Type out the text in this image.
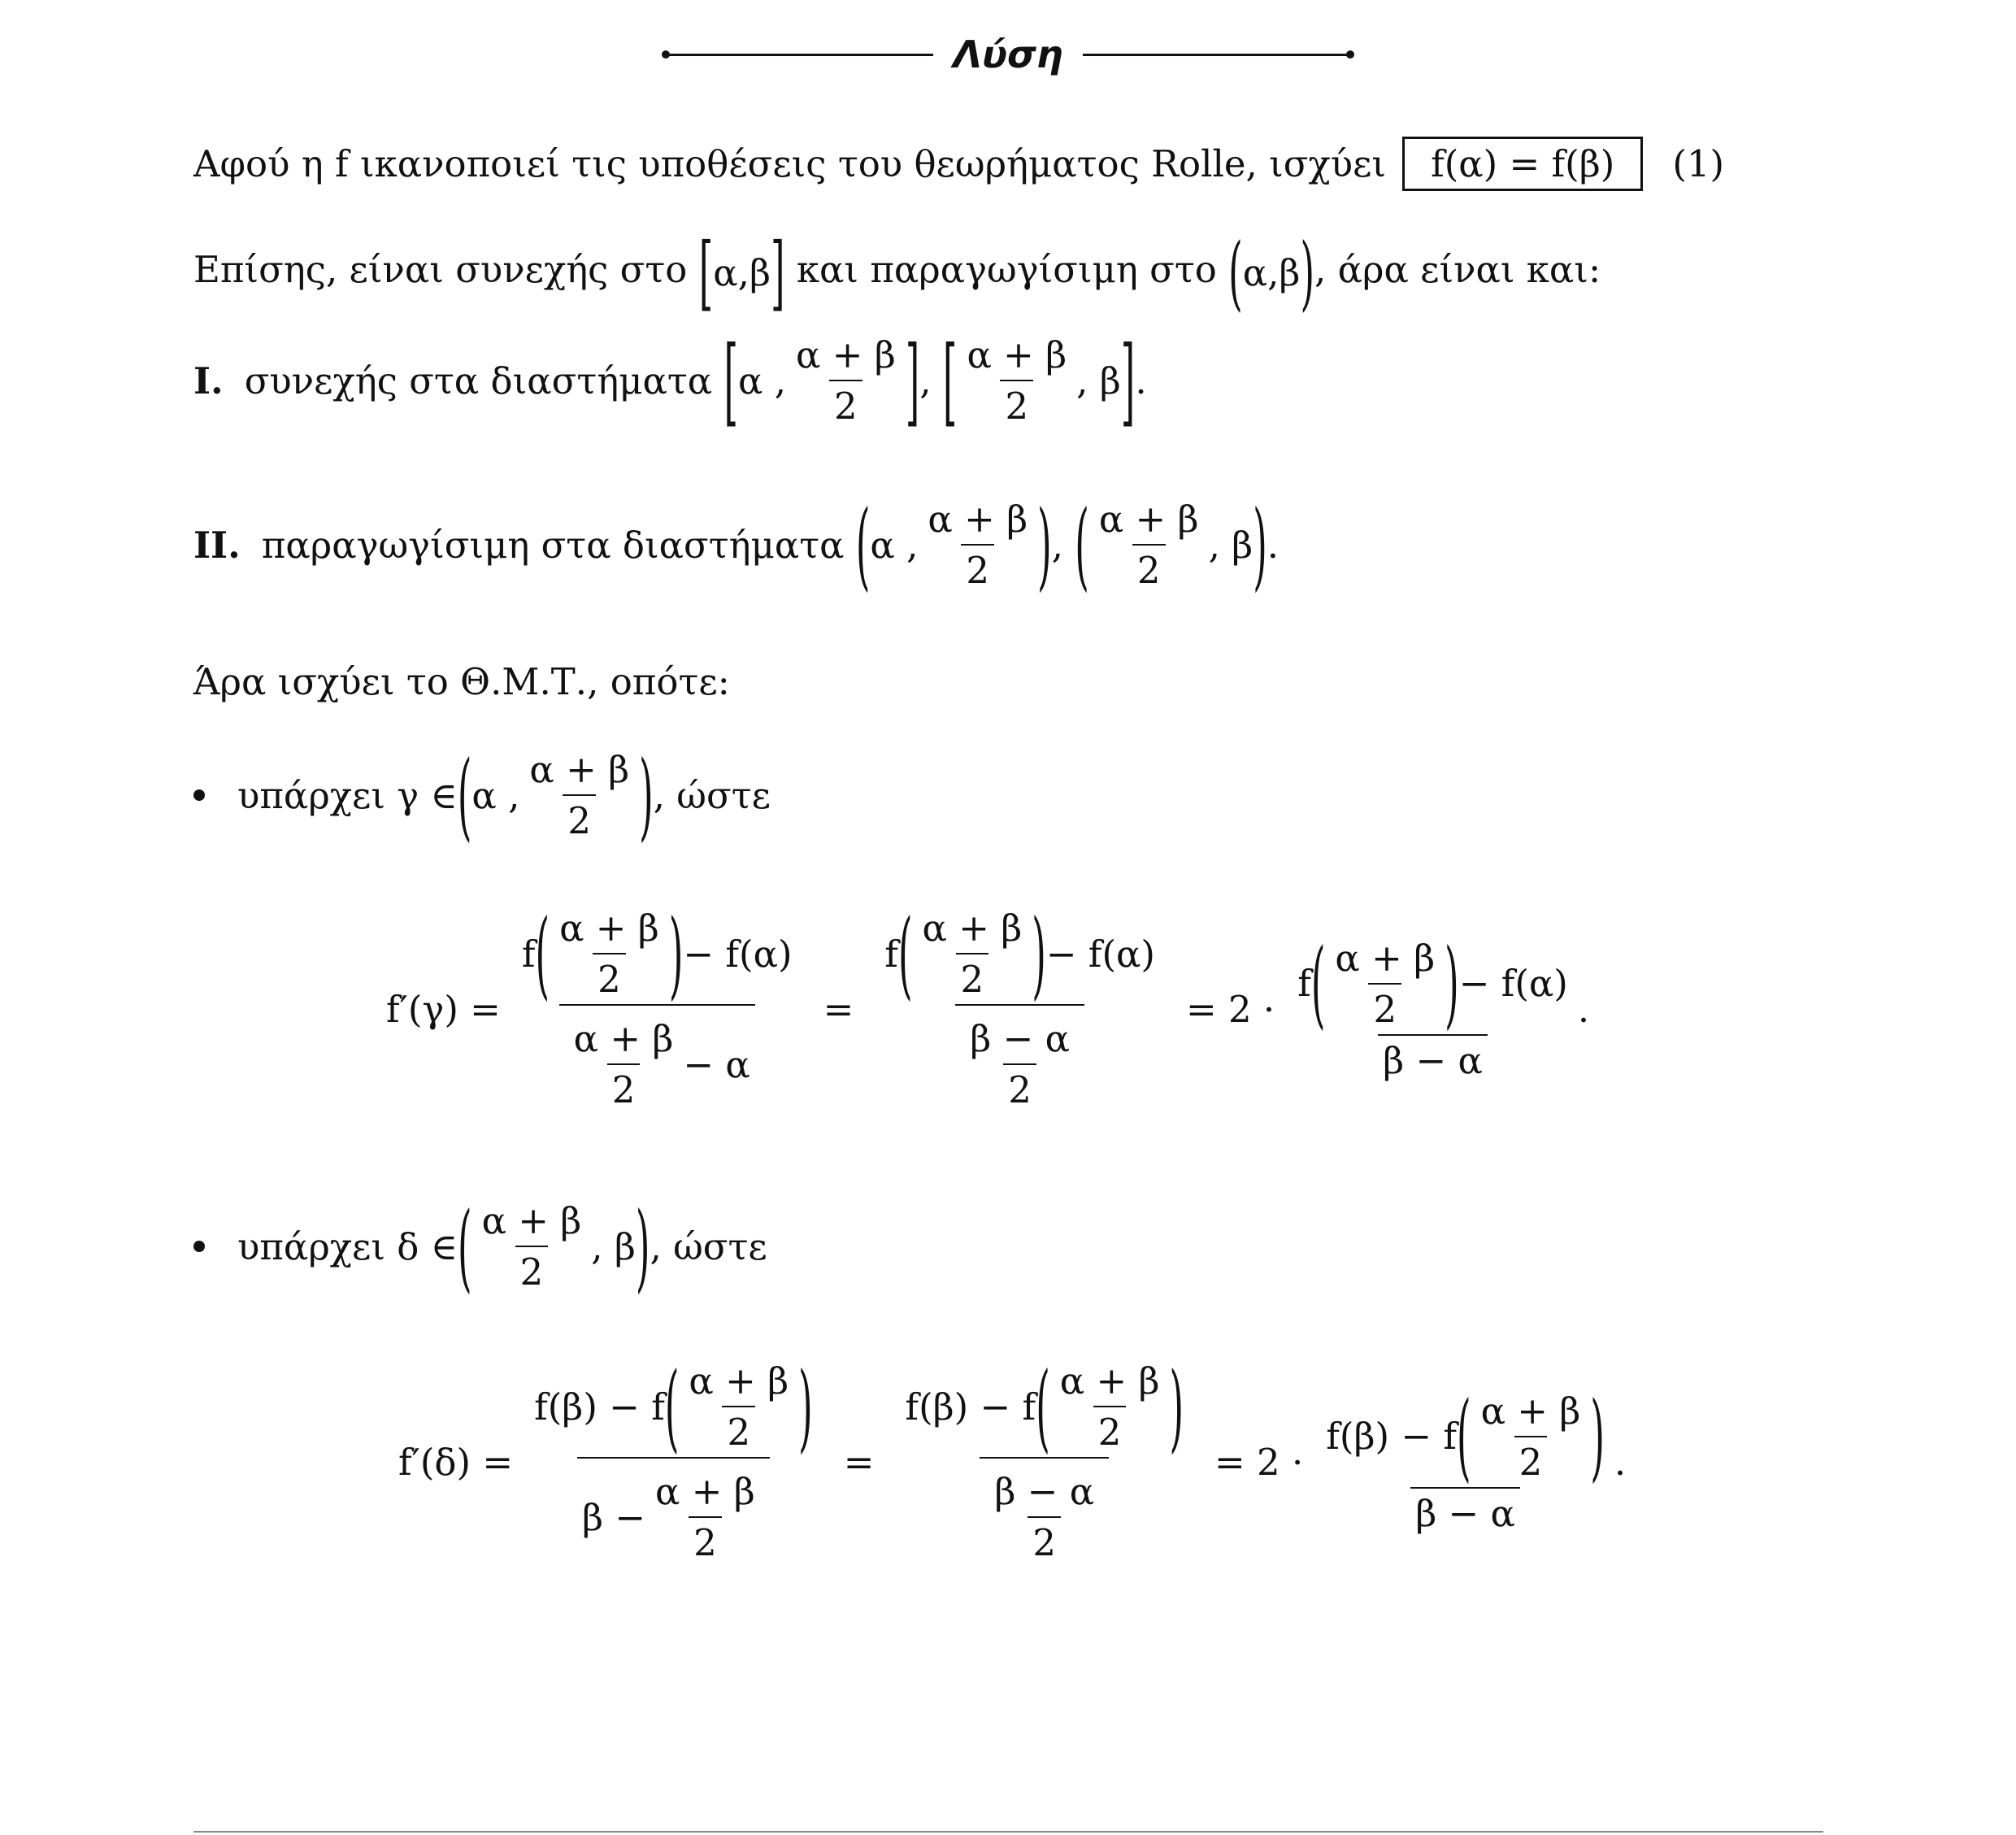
Λύση
Αφού η f ικανοποιεί τις υποθέσεις του θεωρήματος Rolle, ισχύει f(α) = f(β) (1)
Επίσης, είναι συνεχής στο [ α,β ] και παραγωγίσιμη στο ( α,β ) , άρα είναι και:
I. συνεχής στα διαστήματα
[ α , $\frac{\alpha + \beta}{2}$ ] , [ $\frac{\alpha + \beta}{2}$ , β ] .
II. παραγωγίσιμη στα διαστήματα
( α , $\frac{\alpha + \beta}{2}$ ) , ( $\frac{\alpha + \beta}{2}$ , β ) .
Άρα ισχύει το Θ.Μ.Τ., οπότε:
υπάρχει γ ∈ ( α , $\frac{\alpha + \beta}{2}$ ) , ώστε
$f'(\gamma) = \frac{f ( \frac{\alpha + \beta}{2} ) - f(\alpha)}{\frac{\alpha + \beta}{2} - \alpha} = \frac{f ( \frac{\alpha + \beta}{2} ) - f(\alpha)}{\frac{\beta - \alpha}{2}} = 2 \cdot \frac{f ( \frac{\alpha + \beta}{2} ) - f(\alpha)}{\beta - \alpha}$ .
υπάρχει δ ∈ ( $\frac{\alpha + \beta}{2}$ , β ) , ώστε
$f'(\delta) = \frac{f(\beta) - f ( \frac{\alpha + \beta}{2} )}{\beta - \frac{\alpha + \beta}{2}} = \frac{f(\beta) - f ( \frac{\alpha + \beta}{2} )}{\frac{\beta - \alpha}{2}} = 2 \cdot \frac{f(\beta) - f ( \frac{\alpha + \beta}{2} )}{\beta - \alpha}$ .
